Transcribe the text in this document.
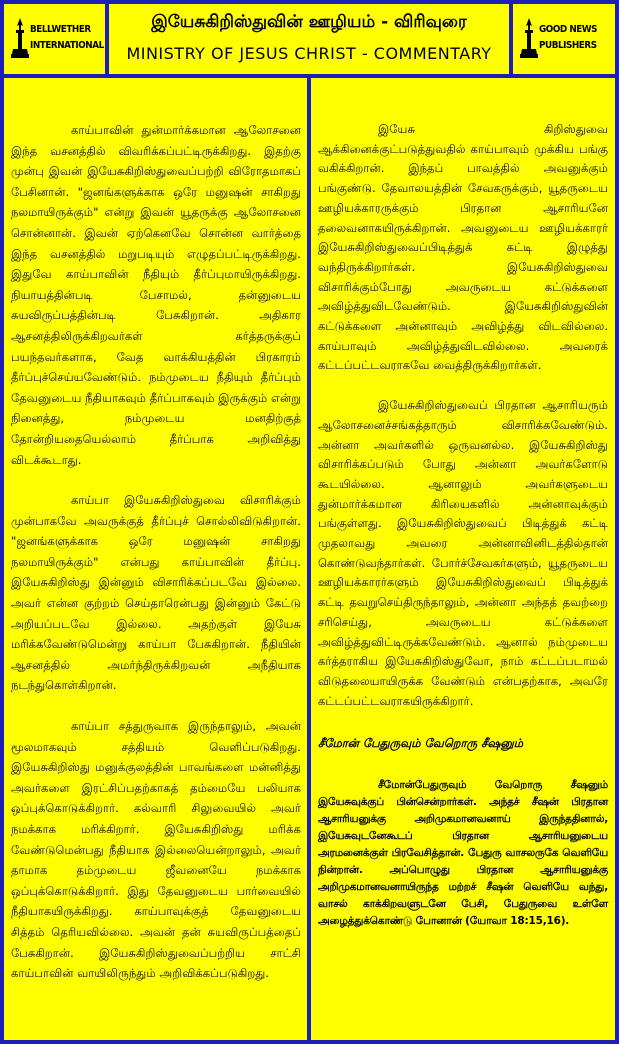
BELLWETHER
INTERNATIONAL
இயேசுகிறிஸ்துவின் ஊழியம் - விரிவுரை
MINISTRY OF JESUS CHRIST - COMMENTARY
GOOD NEWS
PUBLISHERS

காய்பாவின் துன்மார்க்கமான ஆலோசனை இந்த வசனத்தில் விவரிக்கப்பட்டிருக்கிறது. இதற்கு முன்பு இவன் இயேசுகிறிஸ்துவைப்பற்றி விரோதமாகப் பேசினான். "ஜனங்களுக்காக ஒரே மனுஷன் சாகிறது நலமாயிருக்கும்" என்று இவன் யூதருக்கு ஆலோசனை சொன்னான். இவன் ஏற்கெனவே சொன்ன வார்த்தை இந்த வசனத்தில் மறுபடியும் எழுதப்பட்டிருக்கிறது. இதுவே காய்பாவின் நீதியும் தீர்ப்புமாயிருக்கிறது. நியாயத்தின்படி பேசாமல், தன்னுடைய சுயவிருப்பத்தின்படி பேசுகிறான். அதிகார ஆசனத்திலிருக்கிறவர்கள் கர்த்தருக்குப் பயந்தவர்களாக, வேத வாக்கியத்தின் பிரகாரம் தீர்ப்புச்செய்யவேண்டும். நம்முடைய நீதியும் தீர்ப்பும் தேவனுடைய நீதியாகவும் தீர்ப்பாகவும் இருக்கும் என்று நினைத்து, நம்முடைய மனதிற்குத் தோன்றியதையெல்லாம் தீர்ப்பாக அறிவித்து விடக்கூடாது.

காய்பா இயேசுகிறிஸ்துவை விசாரிக்கும் முன்பாகவே அவருக்குத் தீர்ப்புச் சொல்லிவிடுகிறான். "ஜனங்களுக்காக ஒரே மனுஷன் சாகிறது நலமாயிருக்கும்" என்பது காய்பாவின் தீர்ப்பு. இயேசுகிறிஸ்து இன்னும் விசாரிக்கப்படவே இல்லை. அவர் என்ன குற்றம் செய்தாரென்பது இன்னும் கேட்டு அறியப்படவே இல்லை. அதற்குள் இயேசு மரிக்கவேண்டுமென்று காய்பா பேசுகிறான். நீதியின் ஆசனத்தில் அமர்ந்திருக்கிறவன் அநீதியாக நடந்துகொள்கிறான்.

காய்பா சத்துருவாக இருந்தாலும், அவன் மூலமாகவும் சத்தியம் வெளிப்படுகிறது. இயேசுகிறிஸ்து மனுக்குலத்தின் பாவங்களை மன்னித்து அவர்களை இரட்சிப்பதற்காகத் தம்மையே பலியாக ஒப்புக்கொடுக்கிறார். கல்வாரி சிலுவையில் அவர் நமக்காக மரிக்கிறார். இயேசுகிறிஸ்து மரிக்க வேண்டுமென்பது நீதியாக இல்லையென்றாலும், அவர் தாமாக தம்முடைய ஜீவனையே நமக்காக ஒப்புக்கொடுக்கிறார். இது தேவனுடைய பார்வையில் நீதியாகயிருக்கிறது. காய்பாவுக்குத் தேவனுடைய சித்தம் தெரியவில்லை. அவன் தன் சுயவிருப்பத்தைப் பேசுகிறான். இயேசுகிறிஸ்துவைப்பற்றிய சாட்சி காய்பாவின் வாயிலிருந்தும் அறிவிக்கப்படுகிறது.

இயேசு கிறிஸ்துவை ஆக்கினைக்குட்படுத்துவதில் காய்பாவும் முக்கிய பங்கு வகிக்கிறான். இந்தப் பாவத்தில் அவனுக்கும் பங்குண்டு. தேவாலயத்தின் சேவகருக்கும், யூதருடைய ஊழியக்காரருக்கும் பிரதான ஆசாரியனே தலைவனாகயிருக்கிறான். அவனுடைய ஊழியக்காரர் இயேசுகிறிஸ்துவைப்பிடித்துக் கட்டி இழுத்து வந்திருக்கிறார்கள். இயேசுகிறிஸ்துவை விசாரிக்கும்போது அவருடைய கட்டுக்களை அவிழ்த்துவிடவேண்டும். இயேசுகிறிஸ்துவின் கட்டுக்களை அன்னாவும் அவிழ்த்து விடவில்லை. காய்பாவும் அவிழ்த்துவிடவில்லை. அவரைக் கட்டப்பட்டவராகவே வைத்திருக்கிறார்கள்.

இயேசுகிறிஸ்துவைப் பிரதான ஆசாரியரும் ஆலோசனைச்சங்கத்தாரும் விசாரிக்கவேண்டும். அன்னா அவர்களில் ஒருவனல்ல. இயேசுகிறிஸ்து விசாரிக்கப்படும் போது அன்னா அவர்களோடு கூடயில்லை. ஆனாலும் அவர்களுடைய துன்மார்க்கமான கிரியைகளில் அன்னாவுக்கும் பங்குள்ளது. இயேசுகிறிஸ்துவைப் பிடித்துக் கட்டி முதலாவது அவரை அன்னாவினிடத்தில்தான் கொண்டுவந்தார்கள். போர்ச்சேவகர்களும், யூதருடைய ஊழியக்காரர்களும் இயேசுகிறிஸ்துவைப் பிடித்துக் கட்டி தவறுசெய்திருந்தாலும், அன்னா அந்தத் தவற்றை சரிசெய்து, அவருடைய கட்டுக்களை அவிழ்த்துவிட்டிருக்கவேண்டும். ஆனால் நம்முடைய கர்த்தராகிய இயேசுகிறிஸ்துவோ, நாம் கட்டப்படாமல் விடுதலையாயிருக்க வேண்டும் என்பதற்காக, அவரே கட்டப்பட்டவராகயிருக்கிறார்.

சீமோன் பேதுருவும் வேறொரு சீஷனும்

சீமோன்பேதுருவும் வேறொரு சீஷனும் இயேசுவுக்குப் பின்சென்றார்கள். அந்தச் சீஷன் பிரதான ஆசாரியனுக்கு அறிமுகமானவனாய் இருந்ததினால், இயேசுவுடனேகூடப் பிரதான ஆசாரியனுடைய அரமனைக்குள் பிரவேசித்தான். பேதுரு வாசலருகே வெளியே நின்றான். அப்பொழுது பிரதான ஆசாரியனுக்கு அறிமுகமானவனாயிருந்த மற்றச் சீஷன் வெளியே வந்து, வாசல் காக்கிறவளுடனே பேசி, பேதுருவை உள்ளே அழைத்துக்கொண்டு போனான் (யோவா 18:15,16).
